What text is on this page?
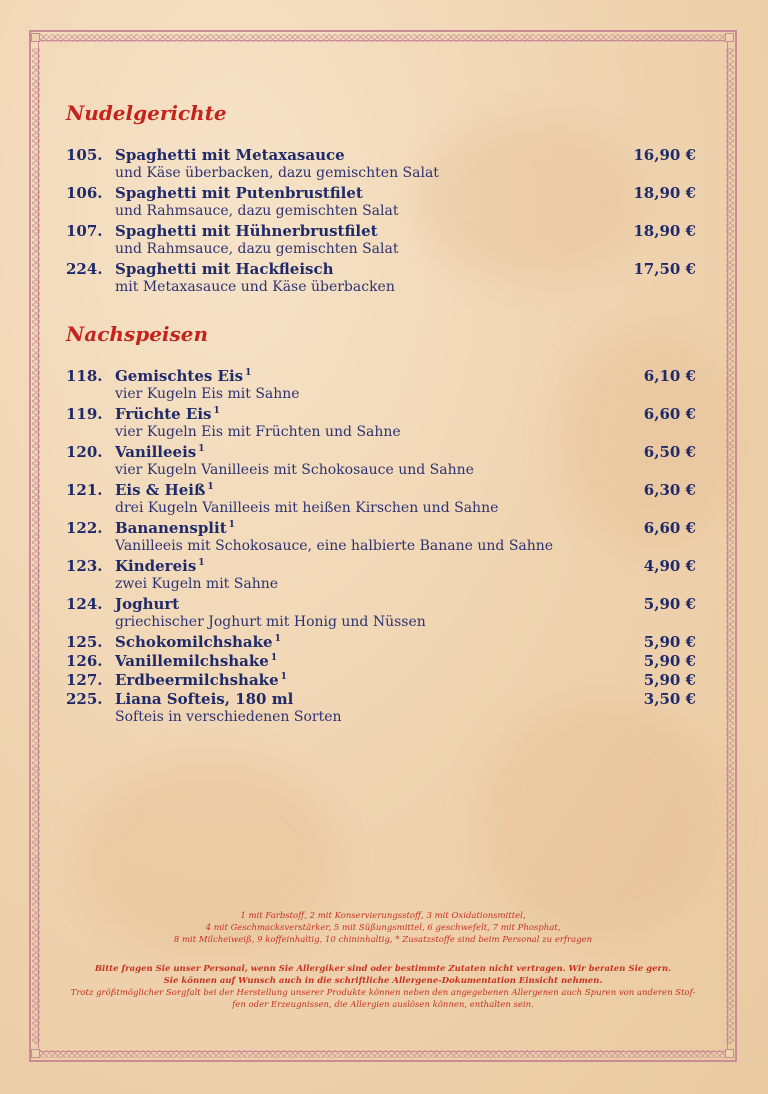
Nudelgerichte
105. Spaghetti mit Metaxasauce	16,90 €
und Käse überbacken, dazu gemischten Salat
106. Spaghetti mit Putenbrustfilet	18,90 €
und Rahmsauce, dazu gemischten Salat
107. Spaghetti mit Hühnerbrustfilet	18,90 €
und Rahmsauce, dazu gemischten Salat
224. Spaghetti mit Hackfleisch	17,50 €
mit Metaxasauce und Käse überbacken
Nachspeisen
118. Gemischtes Eis $^1$	6,10 €
vier Kugeln Eis mit Sahne
119. Früchte Eis $^1$	6,60 €
vier Kugeln Eis mit Früchten und Sahne
120. Vanilleeis $^1$	6,50 €
vier Kugeln Vanilleeis mit Schokosauce und Sahne
121. Eis & Heiß $^1$	6,30 €
drei Kugeln Vanilleeis mit heißen Kirschen und Sahne
122. Bananensplit $^1$	6,60 €
Vanilleeis mit Schokosauce, eine halbierte Banane und Sahne
123. Kindereis $^1$	4,90 €
zwei Kugeln mit Sahne
124. Joghurt	5,90 €
griechischer Joghurt mit Honig und Nüssen
125. Schokomilchshake $^1$	5,90 €
126. Vanillemilchshake $^1$	5,90 €
127. Erdbeermilchshake $^1$	5,90 €
225. Liana Softeis, 180 ml	3,50 €
Softeis in verschiedenen Sorten

1 mit Farbstoff, 2 mit Konservierungsstoff, 3 mit Oxidationsmittel,

4 mit Geschmacksverstärker, 5 mit Süßungsmittel, 6 geschwefelt, 7 mit Phosphat,

8 mit Milcheiweiß, 9 koffeinhaltig, 10 chininhaltig, * Zusatzstoffe sind beim Personal zu erfragen

Bitte fragen Sie unser Personal, wenn Sie Allergiker sind oder bestimmte Zutaten nicht vertragen. Wir beraten Sie gern.

Sie können auf Wunsch auch in die schriftliche Allergene-Dokumentation Einsicht nehmen.

Trotz größtmöglicher Sorgfalt bei der Herstellung unserer Produkte können neben den angegebenen Allergenen auch Spuren von anderen Stof-

fen oder Erzeugnissen, die Allergien auslösen können, enthalten sein.
